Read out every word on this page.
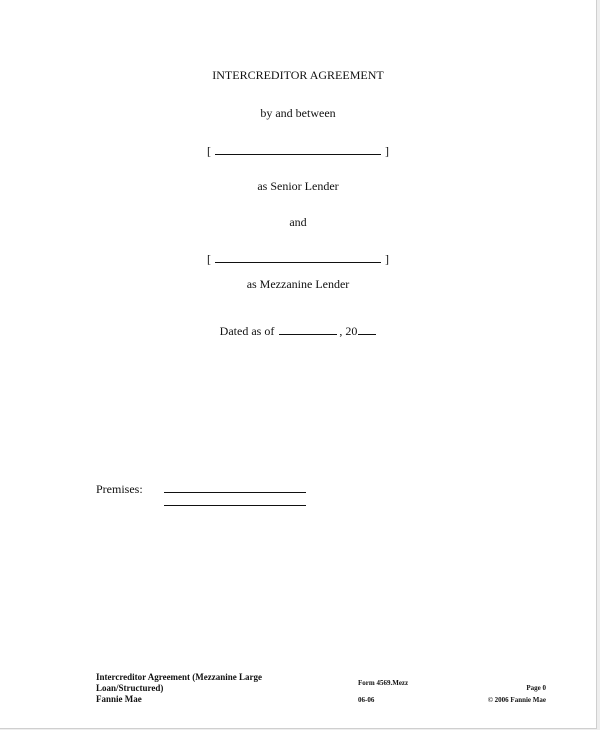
INTERCREDITOR AGREEMENT
by and between
[	]
as Senior Lender
and
[	]
as Mezzanine Lender
Dated as of	, 20
Premises:
Intercreditor Agreement (Mezzanine Large
Loan/Structured)
Fannie Mae
Form 4569.Mezz
06-06
Page 0
© 2006 Fannie Mae
